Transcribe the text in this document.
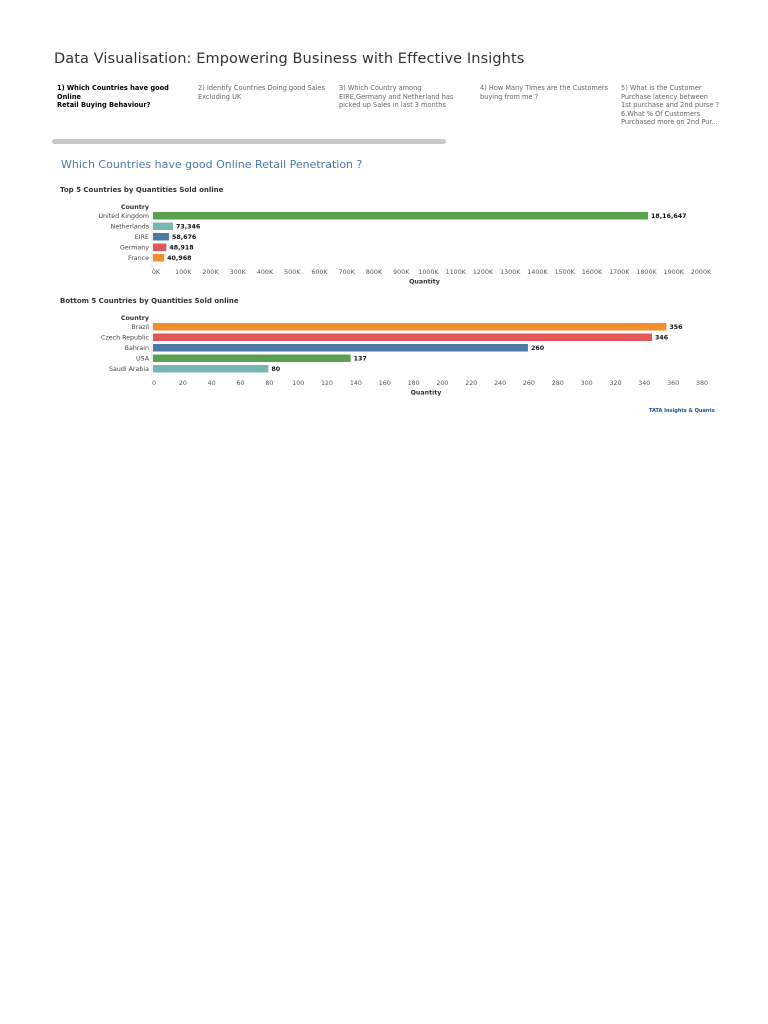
Data Visualisation: Empowering Business with Effective Insights
1) Which Countries have good Online
Retail Buying Behaviour?
2) Identify Countries Doing good Sales
Excluding UK
3) Which Country among
EIRE,Germany and Netherland has
picked up Sales in last 3 months
4) How Many Times are the Customers
buying from me ?
5) What is the Customer
Purchase latency between
1st purchase and 2nd purse ?
6.What % Of Customers
Purchased more on 2nd Pur...
Which Countries have good Online Retail Penetration ?
Top 5 Countries by Quantities Sold online
Country
United Kingdom	18,16,647
Netherlands	73,346
EIRE	58,676
Germany	48,918
France	40,968
0K 100K 200K 300K 400K 500K 600K 700K 800K 900K 1000K 1100K 1200K 1300K 1400K 1500K 1600K 1700K 1800K 1900K 2000K
Quantity
Bottom 5 Countries by Quantities Sold online
Country
Brazil	356
Czech Republic	346
Bahrain	260
USA	137
Saudi Arabia	80
0	20	40	60	80	100	120	140	160	180	200	220	240	260	280	300	320	340	360	380
Quantity
TATA Insights & Quants
